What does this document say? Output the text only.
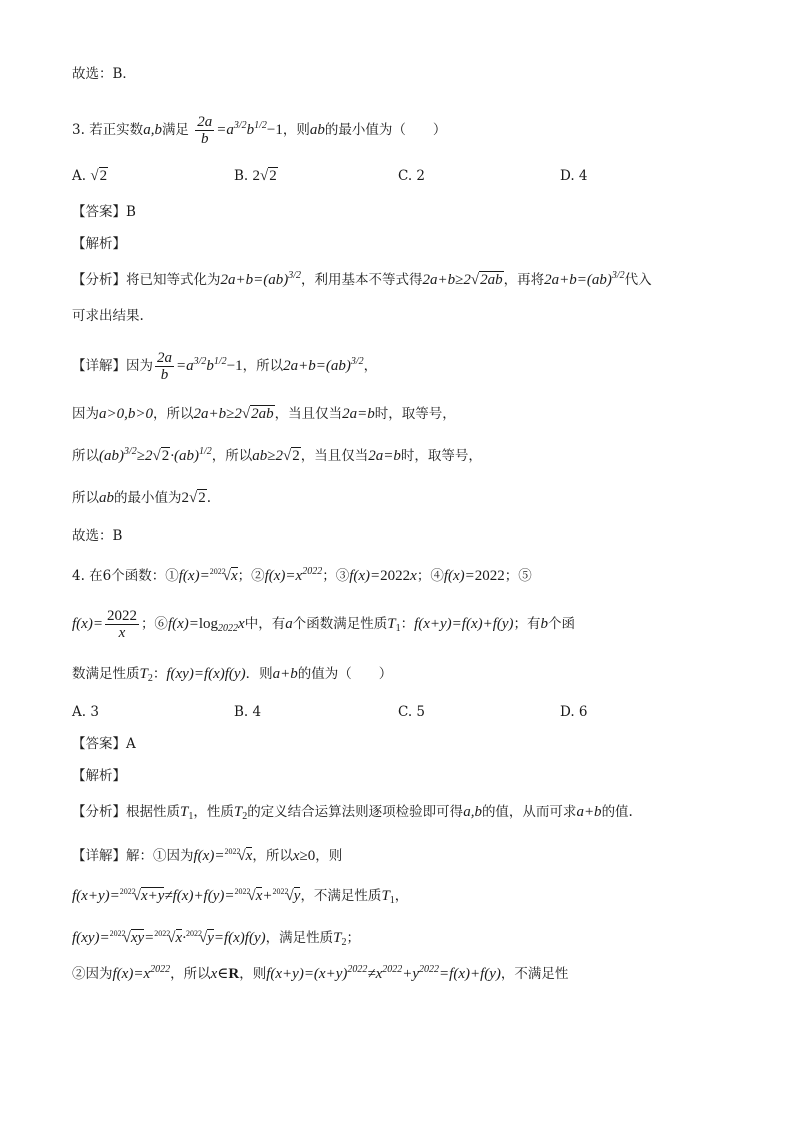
故选：B．
3. 若正实数a,b满足 $\frac{2a}{b} =a^{3/2}b^{1/2}-1$，则ab的最小值为（　　）
A. √2	B. 2√2	C. 2	D. 4
【答案】B
【解析】
【分析】将已知等式化为2a+b=(ab)$^{3/2}$，利用基本不等式得2a+b≥2√2ab，再将2a+b=(ab)$^{3/2}$代入
可求出结果.
【详解】因为 $\frac{2a}{b} =a^{3/2}b^{1/2}-1$，所以2a+b=(ab)$^{3/2}$，
因为a>0,b>0，所以2a+b≥2√2ab，当且仅当2a=b时，取等号，
所以(ab)$^{3/2}$≥2√2·(ab)$^{1/2}$，所以ab≥2√2，当且仅当2a=b时，取等号，
所以ab的最小值为2√2.
故选：B
4. 在6个函数：①f(x)=$^{2022}$√x；$②f(x)=x^{2022}$；③f(x)=2022x；④f(x)=2022；⑤
$f(x)= \frac{2022}{x}$ ；$⑥f(x)=\log_{2022}x$中，有a个函数满足性质$T_1$：f(x+y)=f(x)+f(y)；有b个函
数满足性质$T_2$：f(xy)=f(x)f(y)．则a+b的值为（　　）
A. 3	B. 4	C. 5	D. 6
【答案】A
【解析】
【分析】根据性质$T_1$，性质$T_2$的定义结合运算法则逐项检验即可得a,b的值，从而可求a+b的值.
【详解】解：①因为f(x)=$^{2022}$√x，所以x≥0，则
f(x+y)=$^{2022}$√x+y≠f(x)+f(y)=$^{2022}$√x+$^{2022}$√y，不满足性质$T_1$，
f(xy)=$^{2022}$√xy=$^{2022}$√x·$^{2022}$√y=f(x)f(y)，满足性质$T_2$；
②因为$f(x)=x^{2022}$，所以x∈R，则$f(x+y)=(x+y)^{2022}\ne x^{2022}+y^{2022}=f(x)+f(y)$，不满足性
